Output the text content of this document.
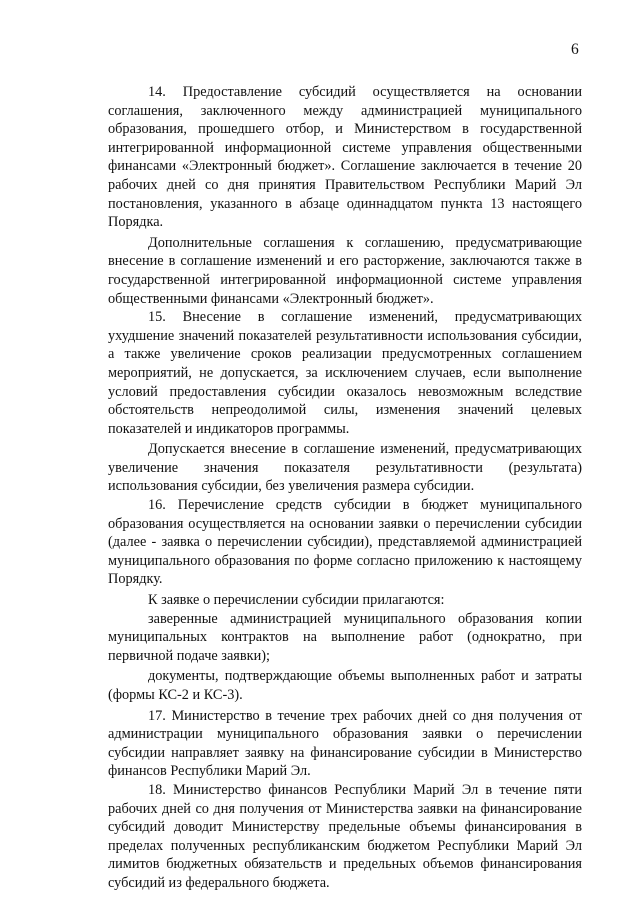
6

14. Предоставление субсидий осуществляется на основании соглашения, заключенного между администрацией муниципального образования, прошедшего отбор, и Министерством в государственной интегрированной информационной системе управления общественными финансами «Электронный бюджет». Соглашение заключается в течение 20 рабочих дней со дня принятия Правительством Республики Марий Эл постановления, указанного в абзаце одиннадцатом пункта 13 настоящего Порядка.

Дополнительные соглашения к соглашению, предусматривающие внесение в соглашение изменений и его расторжение, заключаются также в государственной интегрированной информационной системе управления общественными финансами «Электронный бюджет».

15. Внесение в соглашение изменений, предусматривающих ухудшение значений показателей результативности использования субсидии, а также увеличение сроков реализации предусмотренных соглашением мероприятий, не допускается, за исключением случаев, если выполнение условий предоставления субсидии оказалось невозможным вследствие обстоятельств непреодолимой силы, изменения значений целевых показателей и индикаторов программы.

Допускается внесение в соглашение изменений, предусматривающих увеличение значения показателя результативности (результата) использования субсидии, без увеличения размера субсидии.

16. Перечисление средств субсидии в бюджет муниципального образования осуществляется на основании заявки о перечислении субсидии (далее - заявка о перечислении субсидии), представляемой администрацией муниципального образования по форме согласно приложению к настоящему Порядку.

К заявке о перечислении субсидии прилагаются:

заверенные администрацией муниципального образования копии муниципальных контрактов на выполнение работ (однократно, при первичной подаче заявки);

документы, подтверждающие объемы выполненных работ и затраты (формы КС-2 и КС-3).

17. Министерство в течение трех рабочих дней со дня получения от администрации муниципального образования заявки о перечислении субсидии направляет заявку на финансирование субсидии в Министерство финансов Республики Марий Эл.

18. Министерство финансов Республики Марий Эл в течение пяти рабочих дней со дня получения от Министерства заявки на финансирование субсидий доводит Министерству предельные объемы финансирования в пределах полученных республиканским бюджетом Республики Марий Эл лимитов бюджетных обязательств и предельных объемов финансирования субсидий из федерального бюджета.
